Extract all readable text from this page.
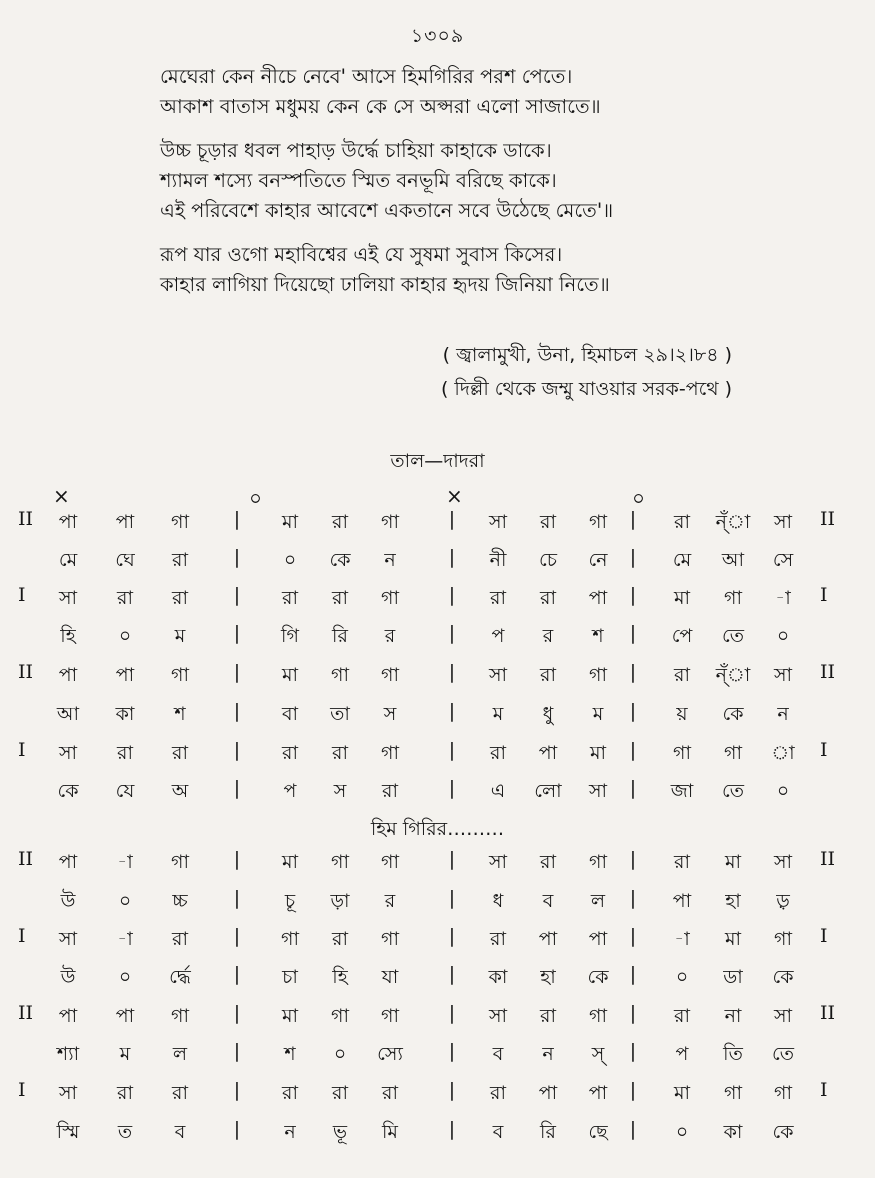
১৩০৯
মেঘেরা কেন নীচে নেবে' আসে হিমগিরির পরশ পেতে।
আকাশ বাতাস মধুময় কেন কে সে অপ্সরা এলো সাজাতে॥
উচ্চ চূড়ার ধবল পাহাড় উর্দ্ধে চাহিয়া কাহাকে ডাকে।
শ্যামল শস্যে বনস্পতিতে স্মিত বনভূমি বরিছে কাকে।
এই পরিবেশে কাহার আবেশে একতানে সবে উঠেছে মেতে'॥
রূপ যার ওগো মহাবিশ্বের এই যে সুষমা সুবাস কিসের।
কাহার লাগিয়া দিয়েছো ঢালিয়া কাহার হৃদয় জিনিয়া নিতে॥
( জ্বালামুখী, উনা, হিমাচল ২৯।২।৮৪ )
( দিল্লী থেকে জম্মু যাওয়ার সরক-পথে )
তাল—দাদরা
×	০	×	০
হিম গিরির………
II	পা	পা	গা	মা	রা	গা	সা	রা	গা	রা	ন্ঁা	সা
|	|	|	II
মে	ঘে	রা	০	কে	ন	নী	চে	নে	মে	আ	সে
|	|	|
I	সা	রা	রা	রা	রা	গা	রা	রা	পা	মা	গা	-া
|	|	|	I
হি	০	ম	গি	রি	র	প	র	শ	পে	তে	০
|	|	|
II	পা	পা	গা	মা	গা	গা	সা	রা	গা	রা	ন্ঁা	সা
|	|	|	II
আ	কা	শ	বা	তা	স	ম	ধু	ম	য়	কে	ন
|	|	|
I	সা	রা	রা	রা	রা	গা	রা	পা	মা	গা	গা	া
|	|	|	I
কে	যে	অ	প	স	রা	এ	লো	সা	জা	তে	০
|	|	|
II	পা	-া	গা	মা	গা	গা	সা	রা	গা	রা	মা	সা
|	|	|	II
উ	০	চ্চ	চূ	ড়া	র	ধ	ব	ল	পা	হা	ড়়
|	|	|
I	সা	-া	রা	গা	রা	গা	রা	পা	পা	-া	মা	গা
|	|	|	I
উ	০	র্দ্ধে	চা	হি	যা	কা	হা	কে	০	ডা	কে
|	|	|
II	পা	পা	গা	মা	গা	গা	সা	রা	গা	রা	না	সা
|	|	|	II
শ্যা	ম	ল	শ	০	স্যে	ব	ন	স্	প	তি	তে
|	|	|
I	সা	রা	রা	রা	রা	রা	রা	পা	পা	মা	গা	গা
|	|	|	I
স্মি	ত	ব	ন	ভূ	মি	ব	রি	ছে	০	কা	কে
|	|	|
